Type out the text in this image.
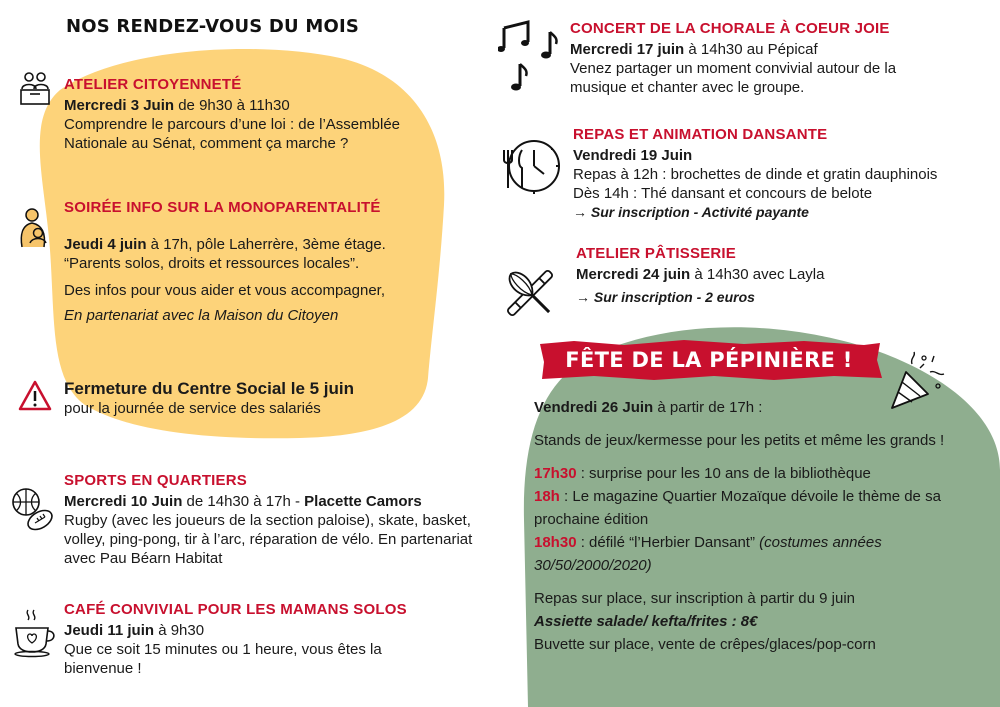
NOS RENDEZ-VOUS DU MOIS
ATELIER CITOYENNETÉ

Mercredi 3 Juin de 9h30 à 11h30

Comprendre le parcours d’une loi : de l’Assemblée Nationale au Sénat, comment ça marche ?

SOIRÉE INFO SUR LA MONOPARENTALITÉ

Jeudi 4 juin à 17h, pôle Laherrère, 3ème étage.

“Parents solos, droits et ressources locales”.

Des infos pour vous aider et vous accompagner,

En partenariat avec la Maison du Citoyen

Fermeture du Centre Social le 5 juin

pour la journée de service des salariés

SPORTS EN QUARTIERS

Mercredi 10 Juin de 14h30 à 17h - Placette Camors

Rugby (avec les joueurs de la section paloise), skate, basket, volley, ping-pong, tir à l’arc, réparation de vélo. En partenariat avec Pau Béarn Habitat

CAFÉ CONVIVIAL POUR LES MAMANS SOLOS

Jeudi 11 juin à 9h30

Que ce soit 15 minutes ou 1 heure, vous êtes la bienvenue !

CONCERT DE LA CHORALE À COEUR JOIE

Mercredi 17 juin à 14h30 au Pépicaf

Venez partager un moment convivial autour de la musique et chanter avec le groupe.

REPAS ET ANIMATION DANSANTE

Vendredi 19 Juin

Repas à 12h : brochettes de dinde et gratin dauphinois

Dès 14h : Thé dansant et concours de belote

→ Sur inscription - Activité payante

ATELIER PÂTISSERIE

Mercredi 24 juin à 14h30 avec Layla

→ Sur inscription - 2 euros

FÊTE DE LA PÉPINIÈRE !

Vendredi 26 Juin à partir de 17h :

Stands de jeux/kermesse pour les petits et même les grands !

17h30 : surprise pour les 10 ans de la bibliothèque

18h : Le magazine Quartier Mozaïque dévoile le thème de sa prochaine édition

18h30 : défilé “l’Herbier Dansant” (costumes années 30/50/2000/2020)

Repas sur place, sur inscription à partir du 9 juin

Assiette salade/ kefta/frites : 8€

Buvette sur place, vente de crêpes/glaces/pop-corn
